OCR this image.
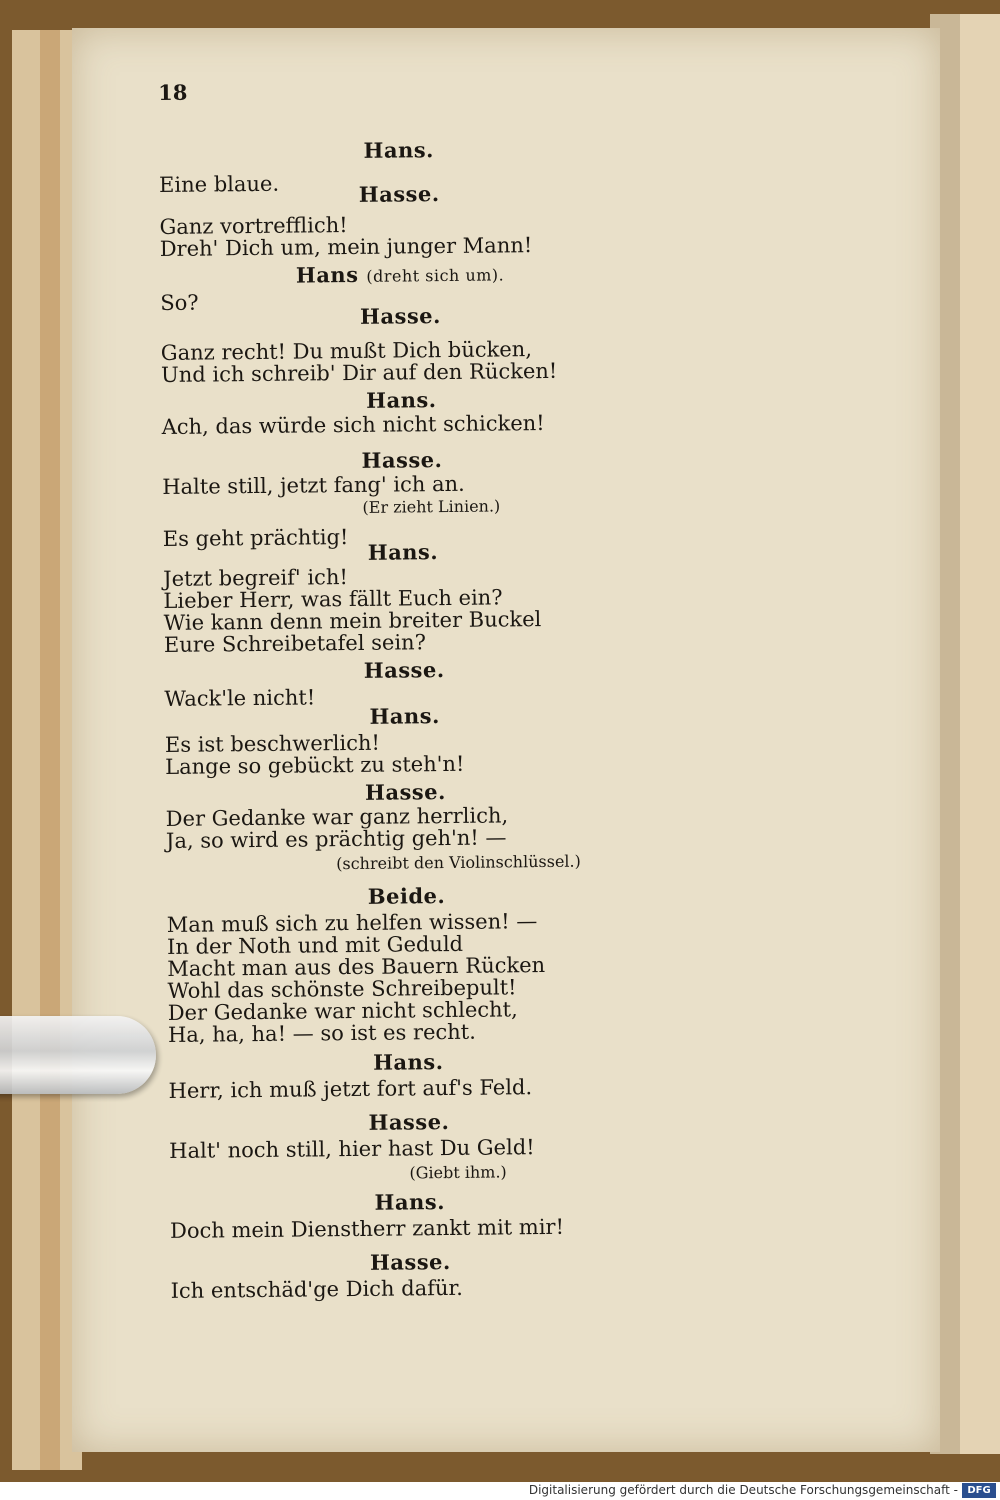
18
Hans.
Eine blaue.	Hasse.
Ganz vortrefflich!
Dreh' Dich um, mein junger Mann!
Hans (dreht sich um).
So?
Hasse.
Ganz recht! Du mußt Dich bücken,
Und ich schreib' Dir auf den Rücken!
Hans.
Ach, das würde sich nicht schicken!
Hasse.
Halte still, jetzt fang' ich an.
(Er zieht Linien.)
Es geht prächtig!
Hans.
Jetzt begreif' ich!
Lieber Herr, was fällt Euch ein?
Wie kann denn mein breiter Buckel
Eure Schreibetafel sein?
Hasse.
Wack'le nicht!
Hans.
Es ist beschwerlich!
Lange so gebückt zu steh'n!
Hasse.
Der Gedanke war ganz herrlich,
Ja, so wird es prächtig geh'n! —
(schreibt den Violinschlüssel.)
Beide.
Man muß sich zu helfen wissen! —
In der Noth und mit Geduld
Macht man aus des Bauern Rücken
Wohl das schönste Schreibepult!
Der Gedanke war nicht schlecht,
Ha, ha, ha! — so ist es recht.
Hans.
Herr, ich muß jetzt fort auf's Feld.
Hasse.
Halt' noch still, hier hast Du Geld!
(Giebt ihm.)
Hans.
Doch mein Dienstherr zankt mit mir!
Hasse.
Ich entschäd'ge Dich dafür.
Digitalisierung gefördert durch die Deutsche Forschungsgemeinschaft - DFG
